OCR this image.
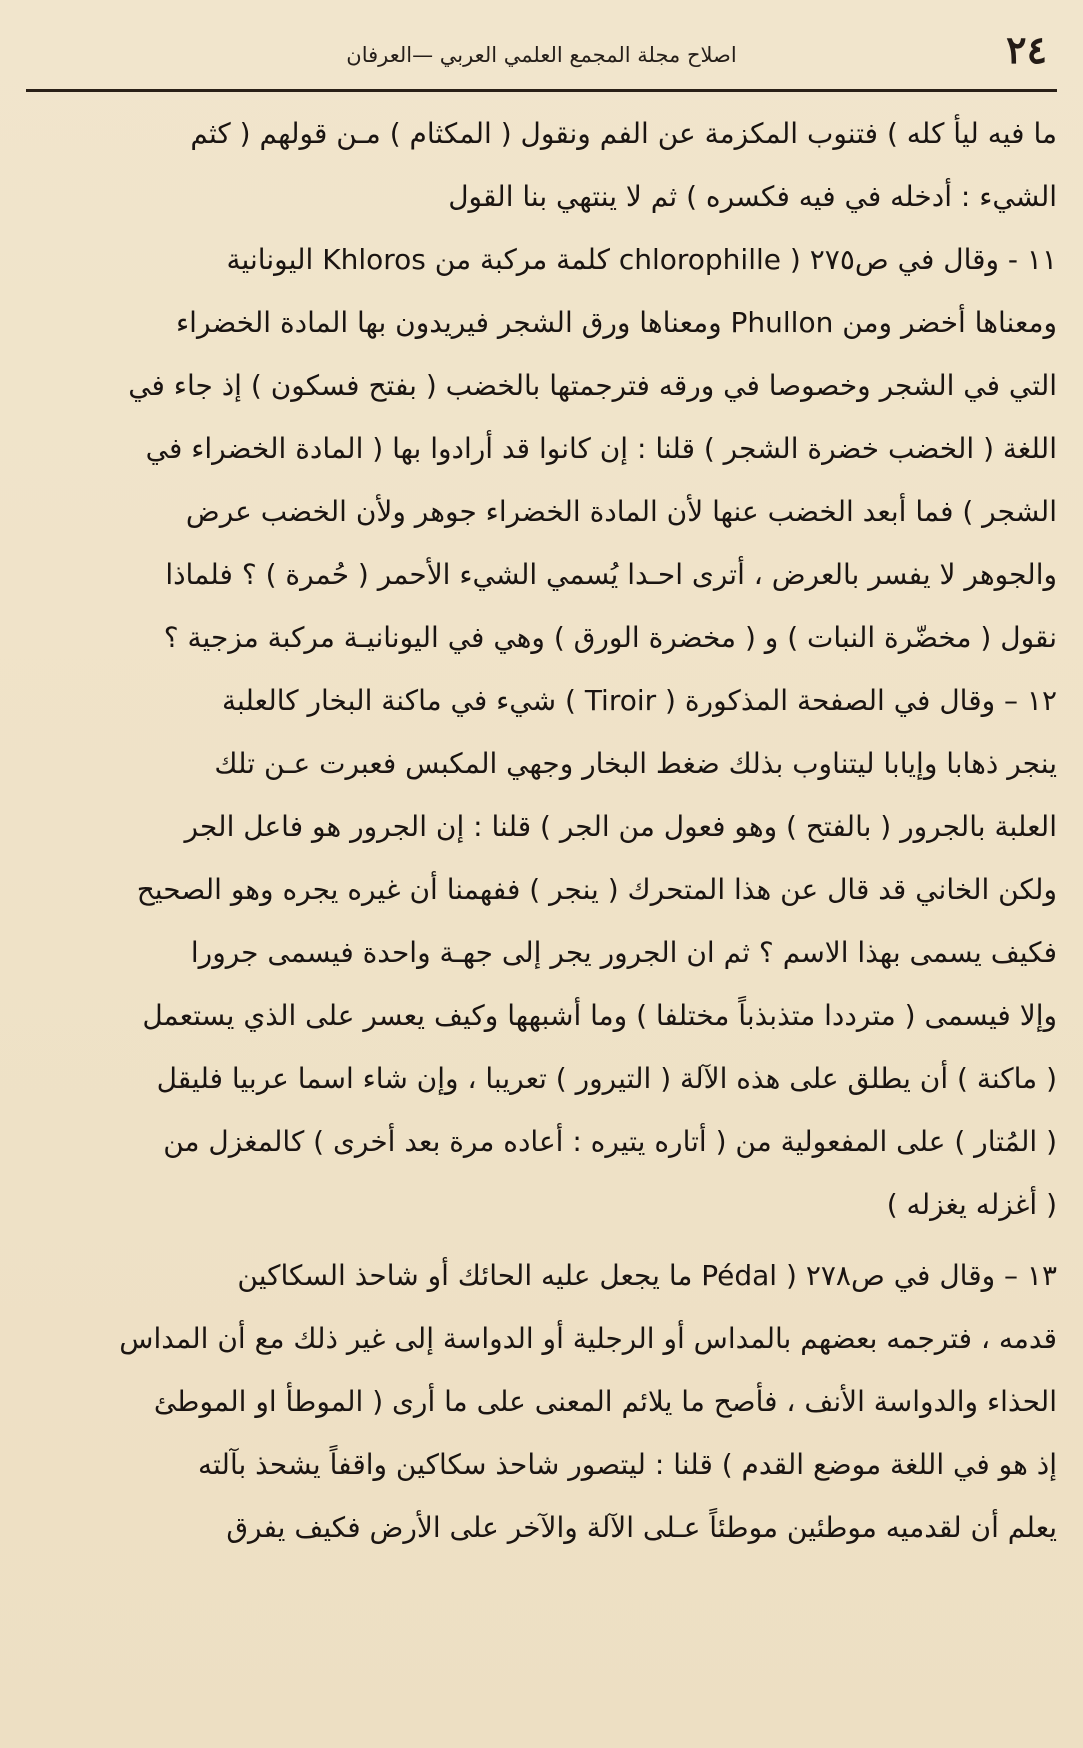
٢٤
اصلاح مجلة المجمع العلمي العربي —العرفان
ما فيه ليأ كله ) فتنوب المكزمة عن الفم ونقول ( المكثام ) مـن قولهم ( كثم
الشيء : أدخله في فيه فكسره ) ثم لا ينتهي بنا القول
١١ - وقال في ص٢٧٥ ( chlorophille كلمة مركبة من Khloros اليونانية
ومعناها أخضر ومن Phullon ومعناها ورق الشجر فيريدون بها المادة الخضراء
التي في الشجر وخصوصا في ورقه فترجمتها بالخضب ( بفتح فسكون ) إذ جاء في
اللغة ( الخضب خضرة الشجر ) قلنا : إن كانوا قد أرادوا بها ( المادة الخضراء في
الشجر ) فما أبعد الخضب عنها لأن المادة الخضراء جوهر ولأن الخضب عرض
والجوهر لا يفسر بالعرض ، أترى احـدا يُسمي الشيء الأحمر ( حُمرة ) ؟ فلماذا
نقول ( مخضّرة النبات ) و ( مخضرة الورق ) وهي في اليونانيـة مركبة مزجية ؟
١٢ – وقال في الصفحة المذكورة ( Tiroir ) شيء في ماكنة البخار كالعلبة
ينجر ذهابا وإيابا ليتناوب بذلك ضغط البخار وجهي المكبس فعبرت عـن تلك
العلبة بالجرور ( بالفتح ) وهو فعول من الجر ) قلنا : إن الجرور هو فاعل الجر
ولكن الخاني قد قال عن هذا المتحرك ( ينجر ) ففهمنا أن غيره يجره وهو الصحيح
فكيف يسمى بهذا الاسم ؟ ثم ان الجرور يجر إلى جهـة واحدة فيسمى جرورا
وإلا فيسمى ( مترددا متذبذباً مختلفا ) وما أشبهها وكيف يعسر على الذي يستعمل
( ماكنة ) أن يطلق على هذه الآلة ( التيرور ) تعريبا ، وإن شاء اسما عربيا فليقل
( المُتار ) على المفعولية من ( أتاره يتيره : أعاده مرة بعد أخرى ) كالمغزل من
( أغزله يغزله )
١٣ – وقال في ص٢٧٨ ( Pédal ما يجعل عليه الحائك أو شاحذ السكاكين
قدمه ، فترجمه بعضهم بالمداس أو الرجلية أو الدواسة إلى غير ذلك مع أن المداس
الحذاء والدواسة الأنف ، فأصح ما يلائم المعنى على ما أرى ( الموطأ او الموطئ
إذ هو في اللغة موضع القدم ) قلنا : ليتصور شاحذ سكاكين واقفاً يشحذ بآلته
يعلم أن لقدميه موطئين موطئاً عـلى الآلة والآخر على الأرض فكيف يفرق
